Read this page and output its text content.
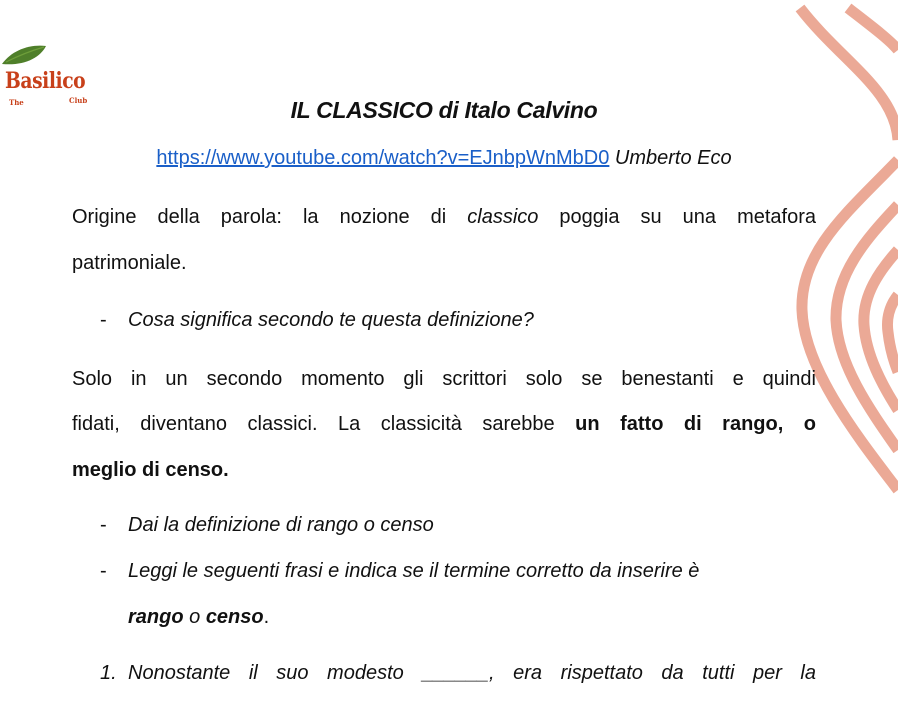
Basilico
The	Club	IL CLASSICO di Italo Calvino
https://www.youtube.com/watch?v=EJnbpWnMbD0 Umberto Eco
Origine della parola: la nozione di classico poggia su una metafora
patrimoniale.
- Cosa significa secondo te questa definizione?
Solo in un secondo momento gli scrittori solo se benestanti e quindi
fidati, diventano classici. La classicità sarebbe un fatto di rango, o
meglio di censo.
- Dai la definizione di rango o censo
- Leggi le seguenti frasi e indica se il termine corretto da inserire è
rango o censo.
1. Nonostante il suo modesto ______, era rispettato da tutti per la
